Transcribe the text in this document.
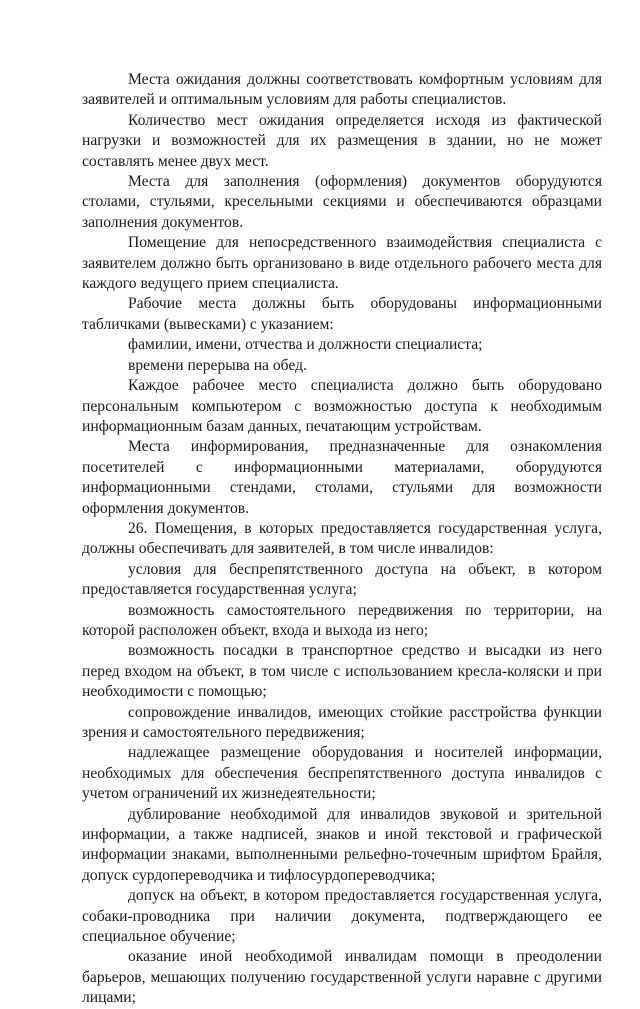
Места ожидания должны соответствовать комфортным условиям для заявителей и оптимальным условиям для работы специалистов.

Количество мест ожидания определяется исходя из фактической нагрузки и возможностей для их размещения в здании, но не может составлять менее двух мест.

Места для заполнения (оформления) документов оборудуются столами, стульями, кресельными секциями и обеспечиваются образцами заполнения документов.

Помещение для непосредственного взаимодействия специалиста с заявителем должно быть организовано в виде отдельного рабочего места для каждого ведущего прием специалиста.

Рабочие места должны быть оборудованы информационными табличками (вывесками) с указанием:

фамилии, имени, отчества и должности специалиста;

времени перерыва на обед.

Каждое рабочее место специалиста должно быть оборудовано персональным компьютером с возможностью доступа к необходимым информационным базам данных, печатающим устройствам.

Места информирования, предназначенные для ознакомления посетителей с информационными материалами, оборудуются информационными стендами, столами, стульями для возможности оформления документов.

26. Помещения, в которых предоставляется государственная услуга, должны обеспечивать для заявителей, в том числе инвалидов:

условия для беспрепятственного доступа на объект, в котором предоставляется государственная услуга;

возможность самостоятельного передвижения по территории, на которой расположен объект, входа и выхода из него;

возможность посадки в транспортное средство и высадки из него перед входом на объект, в том числе с использованием кресла-коляски и при необходимости с помощью;

сопровождение инвалидов, имеющих стойкие расстройства функции зрения и самостоятельного передвижения;

надлежащее размещение оборудования и носителей информации, необходимых для обеспечения беспрепятственного доступа инвалидов с учетом ограничений их жизнедеятельности;

дублирование необходимой для инвалидов звуковой и зрительной информации, а также надписей, знаков и иной текстовой и графической информации знаками, выполненными рельефно-точечным шрифтом Брайля, допуск сурдопереводчика и тифлосурдопереводчика;

допуск на объект, в котором предоставляется государственная услуга, собаки-проводника при наличии документа, подтверждающего ее специальное обучение;

оказание иной необходимой инвалидам помощи в преодолении барьеров, мешающих получению государственной услуги наравне с другими лицами;
